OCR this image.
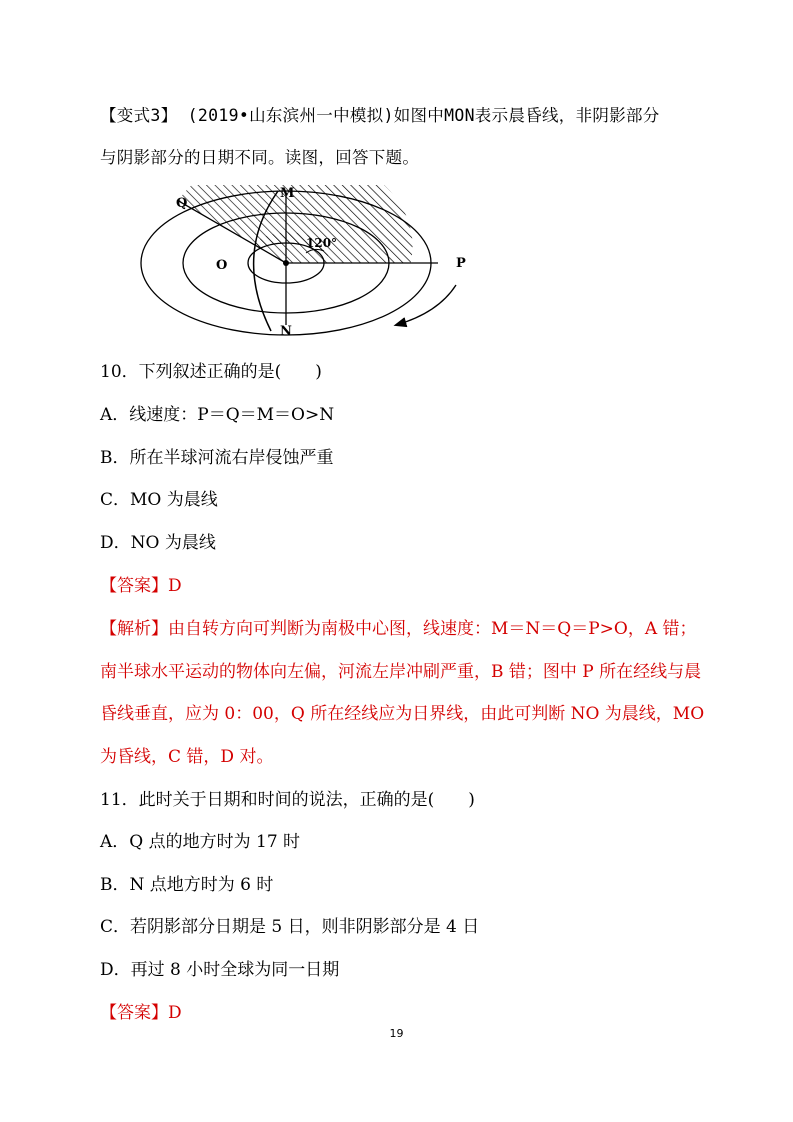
【变式3】 (2019•山东滨州一中模拟)如图中MON表示晨昏线，非阴影部分
与阴影部分的日期不同。读图，回答下题。
Q
M
O	P
N
120°
10．下列叙述正确的是(　　)
A．线速度：P＝Q＝M＝O>N
B．所在半球河流右岸侵蚀严重
C．MO 为晨线
D．NO 为晨线
【答案】D
【解析】由自转方向可判断为南极中心图，线速度：M＝N＝Q＝P>O，A 错；
南半球水平运动的物体向左偏，河流左岸冲刷严重，B 错；图中 P 所在经线与晨
昏线垂直，应为 0：00，Q 所在经线应为日界线，由此可判断 NO 为晨线，MO
为昏线，C 错，D 对。
11．此时关于日期和时间的说法，正确的是(　　)
A．Q 点的地方时为 17 时
B．N 点地方时为 6 时
C．若阴影部分日期是 5 日，则非阴影部分是 4 日
D．再过 8 小时全球为同一日期
【答案】D
19
